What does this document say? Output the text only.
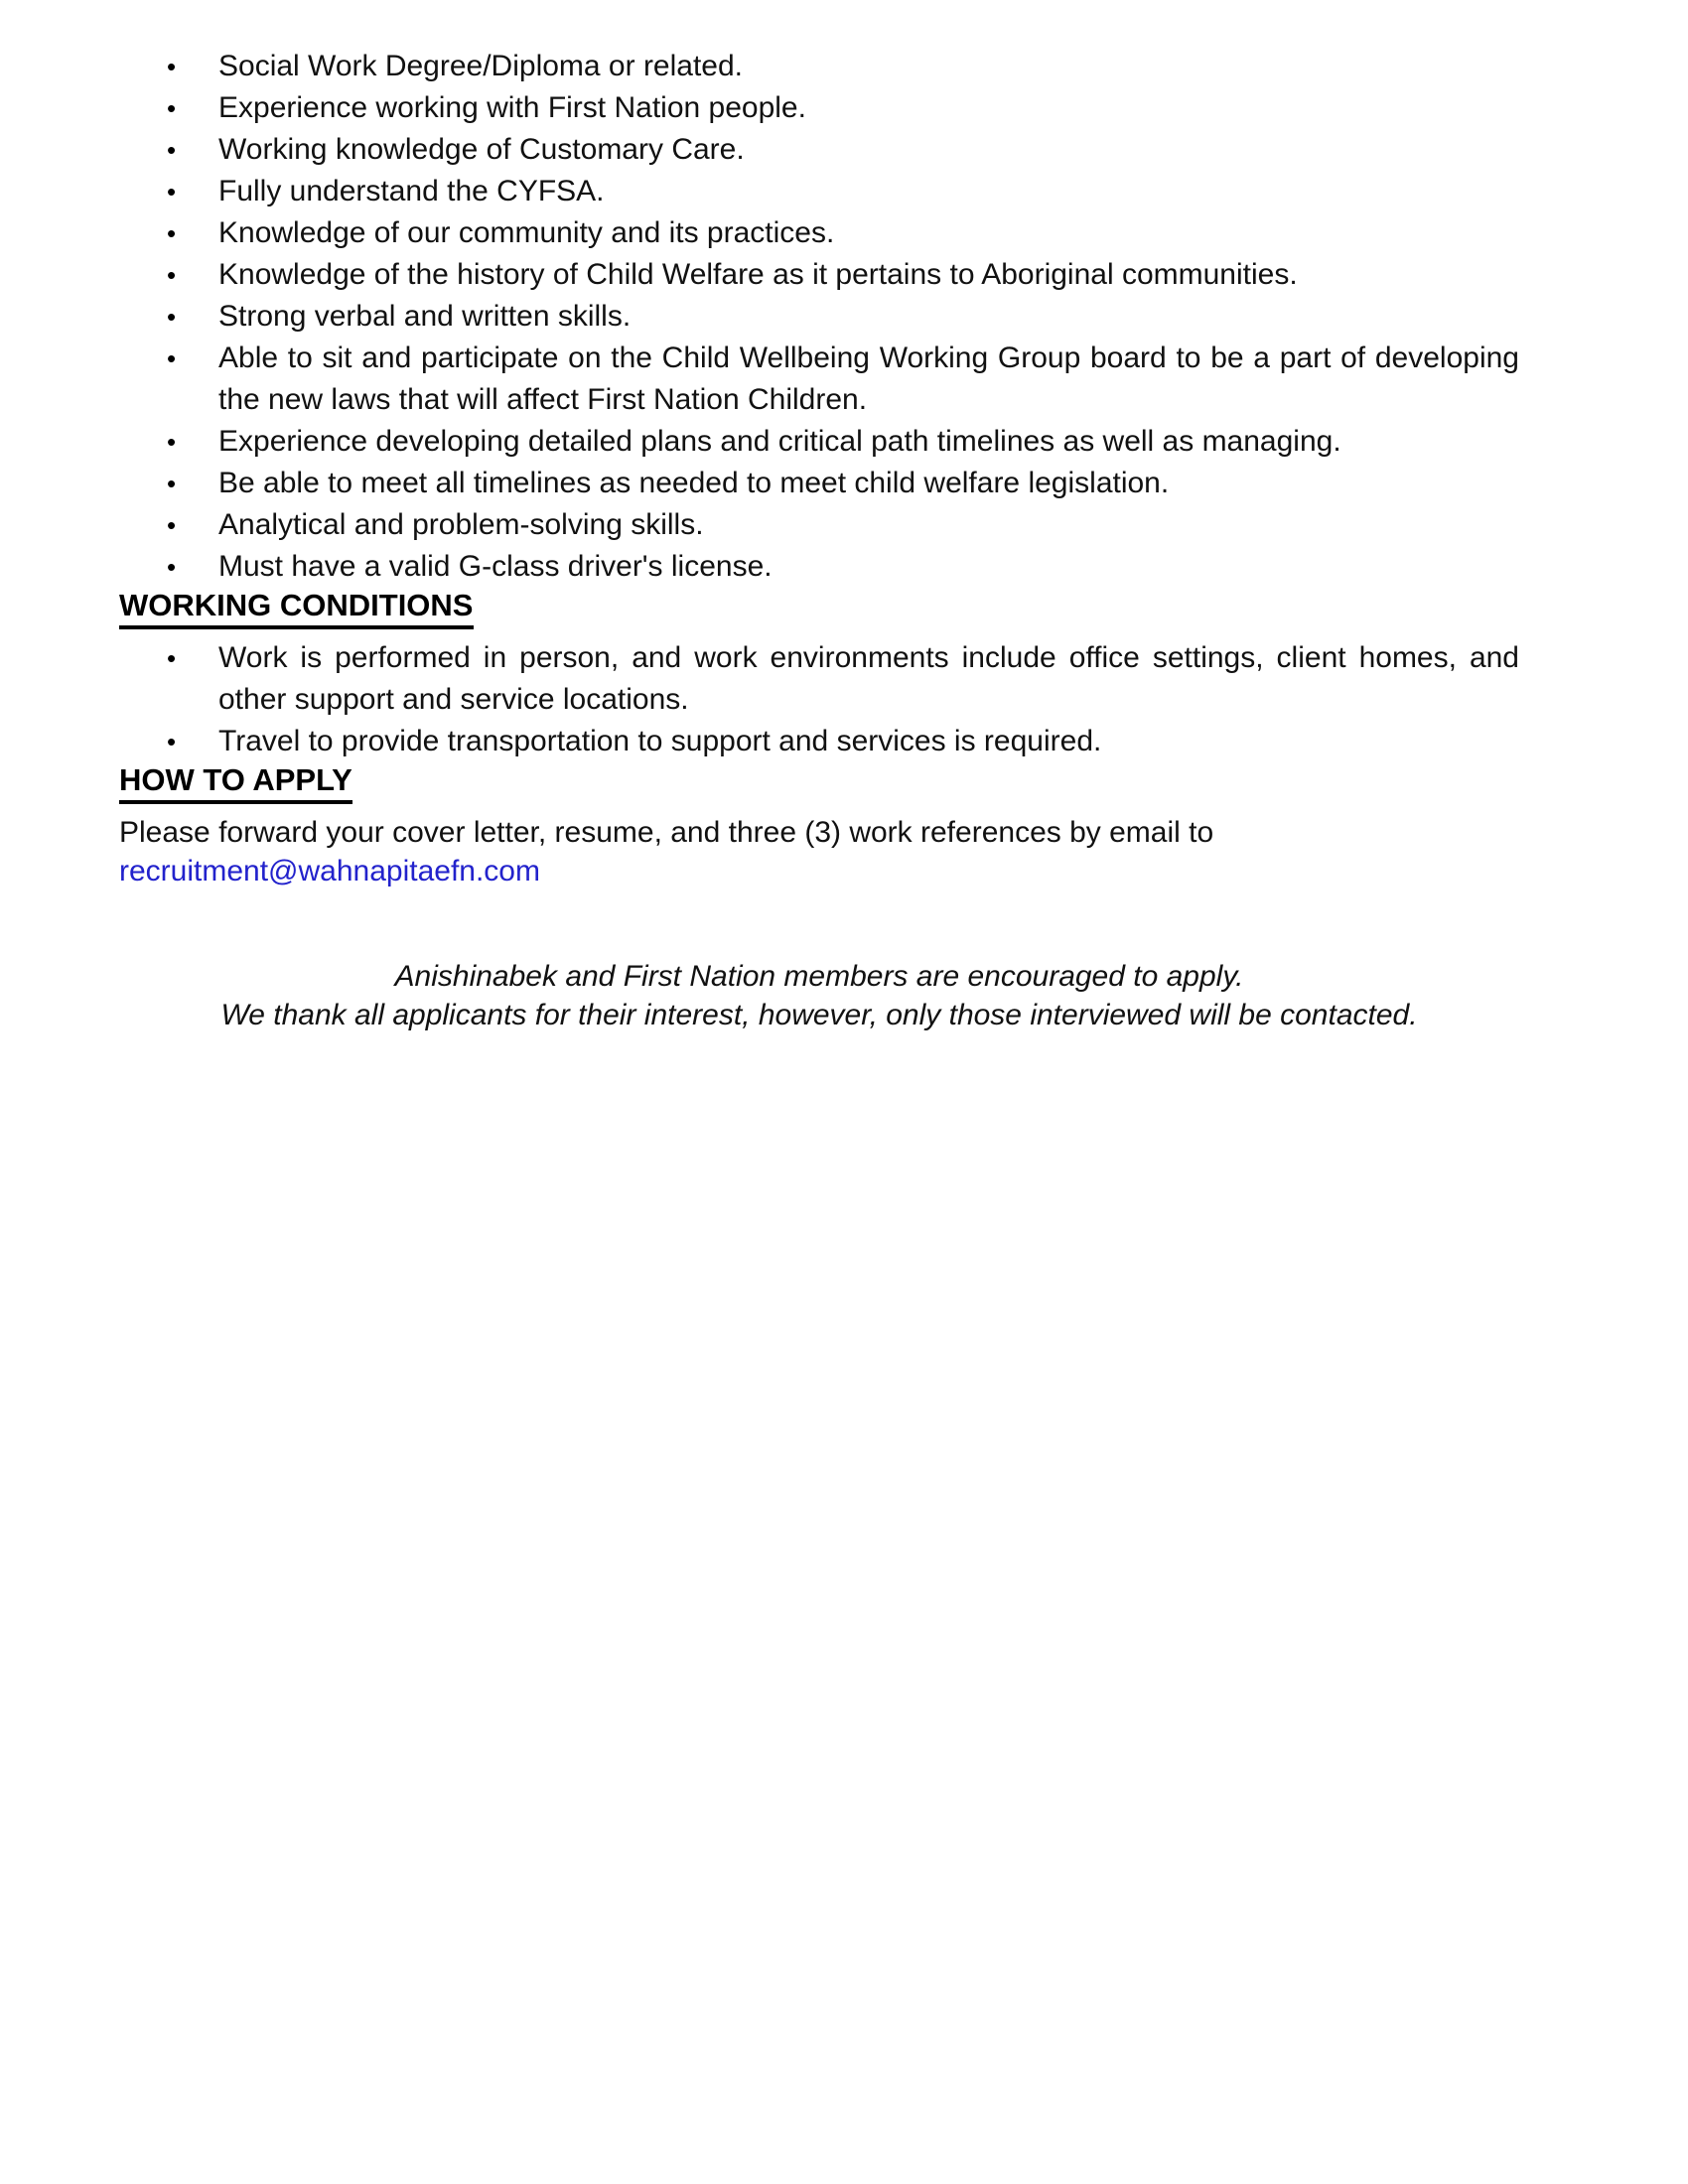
•	Social Work Degree/Diploma or related.
•	Experience working with First Nation people.
•	Working knowledge of Customary Care.
•	Fully understand the CYFSA.
•	Knowledge of our community and its practices.
•	Knowledge of the history of Child Welfare as it pertains to Aboriginal communities.
•	Strong verbal and written skills.
•	Able to sit and participate on the Child Wellbeing Working Group board to be a part of developing the new laws that will affect First Nation Children.
•	Experience developing detailed plans and critical path timelines as well as managing.
•	Be able to meet all timelines as needed to meet child welfare legislation.
•	Analytical and problem-solving skills.
•	Must have a valid G-class driver's license.
WORKING CONDITIONS
•	Work is performed in person, and work environments include office settings, client homes, and other support and service locations.
•	Travel to provide transportation to support and services is required.
HOW TO APPLY

Please forward your cover letter, resume, and three (3) work references by email to

recruitment@wahnapitaefn.com

Anishinabek and First Nation members are encouraged to apply.

We thank all applicants for their interest, however, only those interviewed will be contacted.
